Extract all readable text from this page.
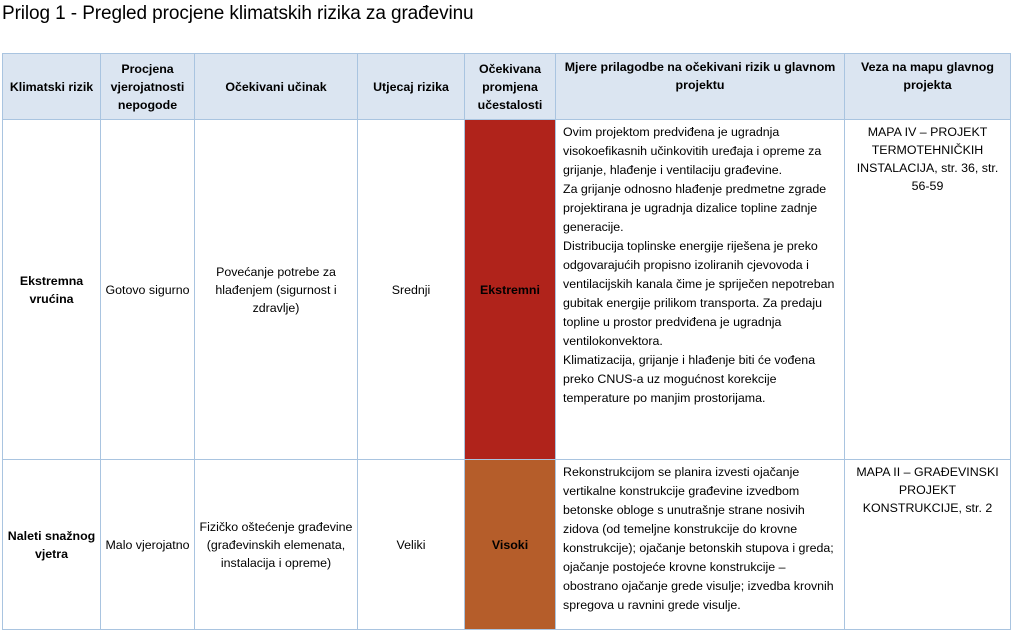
Prilog 1 - Pregled procjene klimatskih rizika za građevinu
Klimatski rizik	Procjena vjerojatnosti nepogode	Očekivani učinak	Utjecaj rizika	Očekivana promjena učestalosti	Mjere prilagodbe na očekivani rizik u glavnom projektu	Veza na mapu glavnog projekta
Ekstremna vrućina	Gotovo sigurno	Povećanje potrebe za hlađenjem (sigurnost i zdravlje)	Srednji	Ekstremni	Ovim projektom predviđena je ugradnja visokoefikasnih učinkovitih uređaja i opreme za grijanje, hlađenje i ventilaciju građevine.
Za grijanje odnosno hlađenje predmetne zgrade projektirana je ugradnja dizalice topline zadnje generacije.
Distribucija toplinske energije riješena je preko odgovarajućih propisno izoliranih cjevovoda i ventilacijskih kanala čime je spriječen nepotreban gubitak energije prilikom transporta. Za predaju topline u prostor predviđena je ugradnja ventilokonvektora.
Klimatizacija, grijanje i hlađenje biti će vođena preko CNUS-a uz mogućnost korekcije temperature po manjim prostorijama.	MAPA IV – PROJEKT TERMOTEHNIČKIH INSTALACIJA, str. 36, str. 56-59
Naleti snažnog vjetra	Malo vjerojatno	Fizičko oštećenje građevine (građevinskih elemenata, instalacija i opreme)	Veliki	Visoki	Rekonstrukcijom se planira izvesti ojačanje vertikalne konstrukcije građevine izvedbom betonske obloge s unutrašnje strane nosivih zidova (od temeljne konstrukcije do krovne konstrukcije); ojačanje betonskih stupova i greda; ojačanje postojeće krovne konstrukcije – obostrano ojačanje grede visulje; izvedba krovnih spregova u ravnini grede visulje.	MAPA II – GRAĐEVINSKI PROJEKT KONSTRUKCIJE, str. 2
